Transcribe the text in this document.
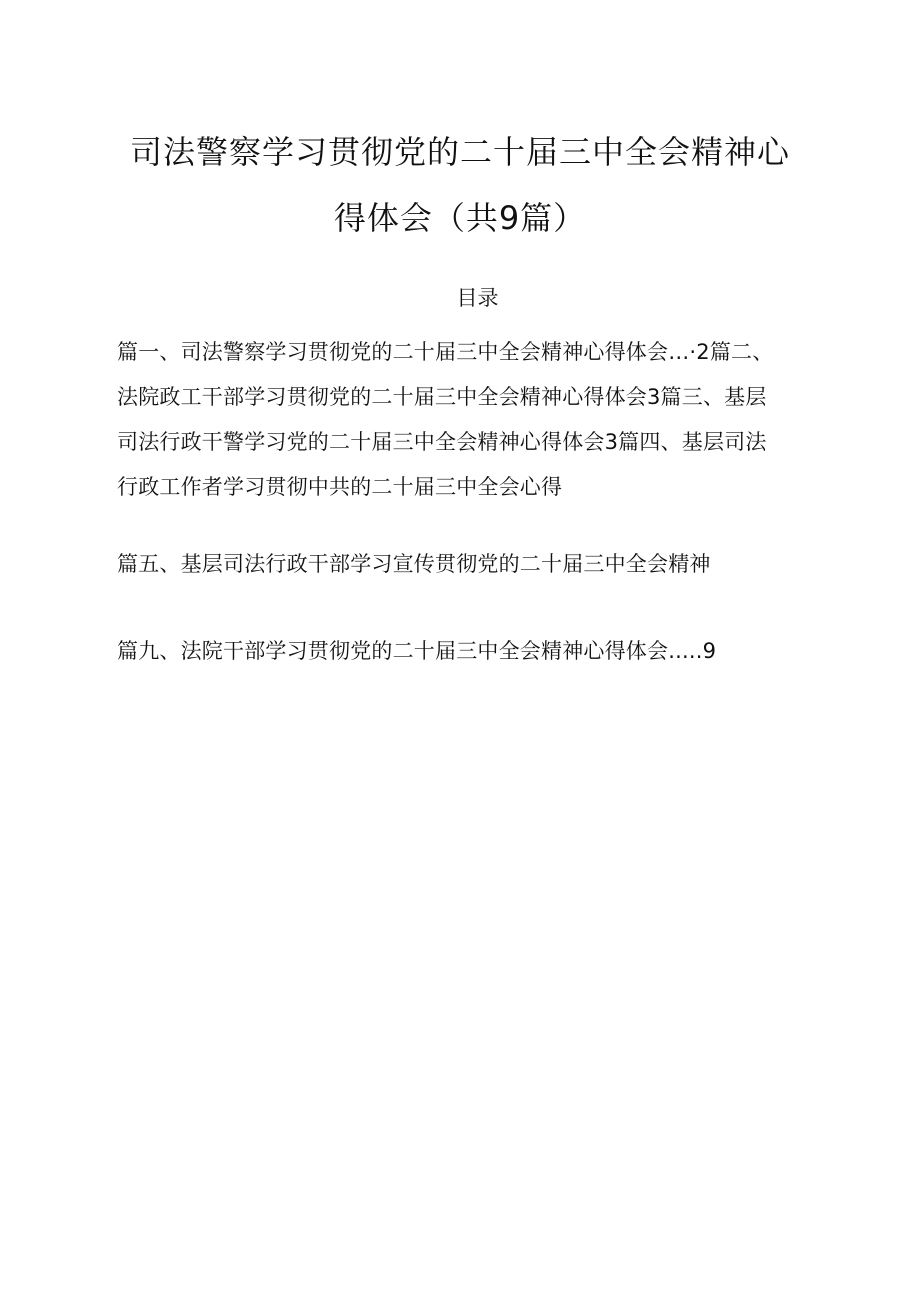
司法警察学习贯彻党的二十届三中全会精神心
得体会（共9篇）
目录
篇一、司法警察学习贯彻党的二十届三中全会精神心得体会…·2篇二、
法院政工干部学习贯彻党的二十届三中全会精神心得体会3篇三、基层
司法行政干警学习党的二十届三中全会精神心得体会3篇四、基层司法
行政工作者学习贯彻中共的二十届三中全会心得
篇五、基层司法行政干部学习宣传贯彻党的二十届三中全会精神
篇九、法院干部学习贯彻党的二十届三中全会精神心得体会.....9
